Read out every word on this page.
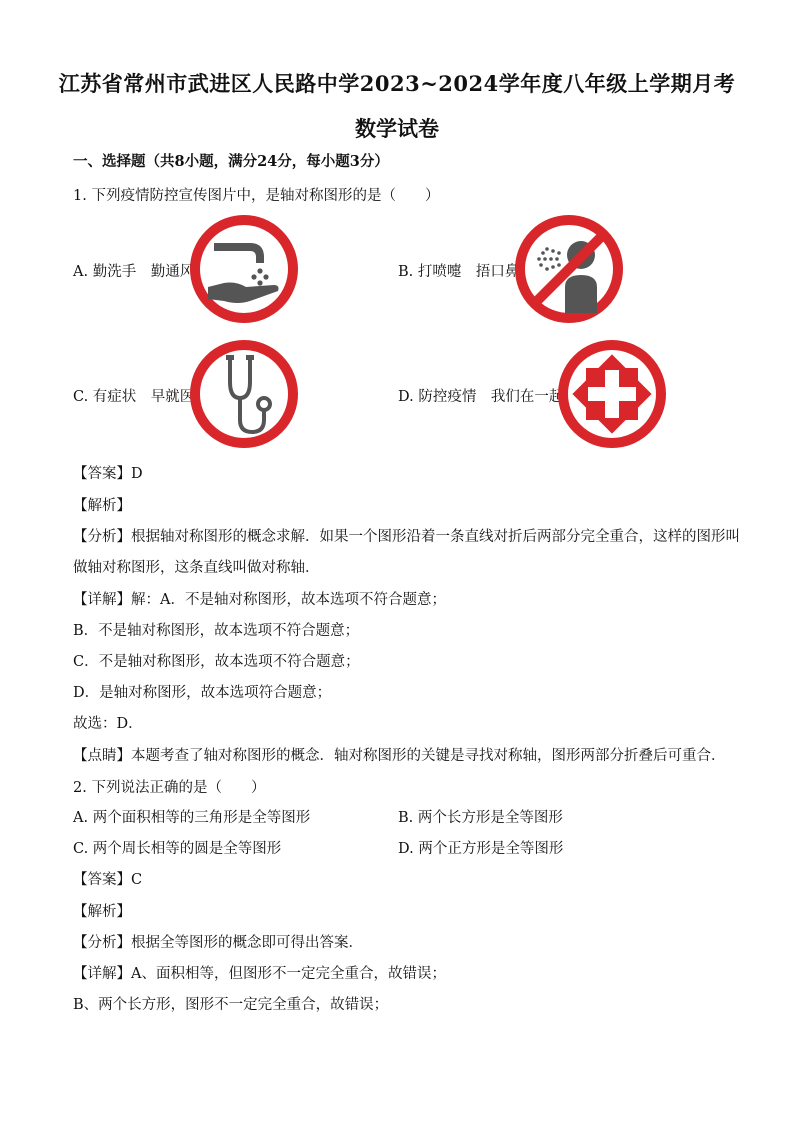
江苏省常州市武进区人民路中学2023~2024学年度八年级上学期月考
数学试卷
一、选择题（共8小题，满分24分，每小题3分）
1. 下列疫情防控宣传图片中，是轴对称图形的是（　　）
A. 勤洗手　勤通风	B. 打喷嚏　捂口鼻
C. 有症状　早就医	D. 防控疫情　我们在一起
【答案】D
【解析】
【分析】根据轴对称图形的概念求解．如果一个图形沿着一条直线对折后两部分完全重合，这样的图形叫
做轴对称图形，这条直线叫做对称轴．
【详解】解：A．不是轴对称图形，故本选项不符合题意；
B．不是轴对称图形，故本选项不符合题意；
C．不是轴对称图形，故本选项不符合题意；
D．是轴对称图形，故本选项符合题意；
故选：D．
【点睛】本题考查了轴对称图形的概念．轴对称图形的关键是寻找对称轴，图形两部分折叠后可重合．
2. 下列说法正确的是（　　）
A. 两个面积相等的三角形是全等图形	B. 两个长方形是全等图形
C. 两个周长相等的圆是全等图形	D. 两个正方形是全等图形
【答案】C
【解析】
【分析】根据全等图形的概念即可得出答案．
【详解】A、面积相等，但图形不一定完全重合，故错误；
B、两个长方形，图形不一定完全重合，故错误；
